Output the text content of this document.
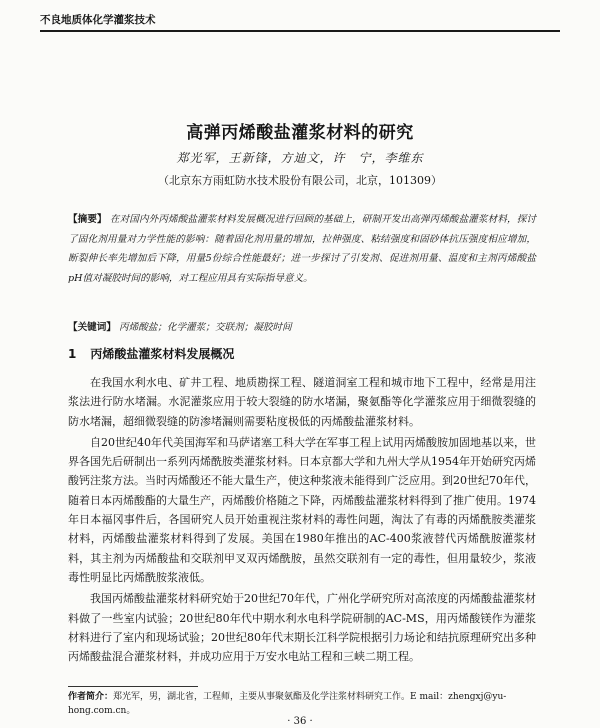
不良地质体化学灌浆技术
高弹丙烯酸盐灌浆材料的研究
郑光军，王新锋，方迪文，许　宁，李维东
（北京东方雨虹防水技术股份有限公司，北京，101309）
【摘要】 在对国内外丙烯酸盐灌浆材料发展概况进行回顾的基础上，研制开发出高弹丙烯酸盐灌浆材料，探讨了固化剂用量对力学性能的影响：随着固化剂用量的增加，拉伸强度、粘结强度和固砂体抗压强度相应增加，断裂伸长率先增加后下降，用量5份综合性能最好；进一步探讨了引发剂、促进剂用量、温度和主剂丙烯酸盐pH值对凝胶时间的影响，对工程应用具有实际指导意义。
【关键词】 丙烯酸盐；化学灌浆；交联剂；凝胶时间
1 丙烯酸盐灌浆材料发展概况

在我国水利水电、矿井工程、地质勘探工程、隧道洞室工程和城市地下工程中，经常是用注浆法进行防水堵漏。水泥灌浆应用于较大裂缝的防水堵漏，聚氨酯等化学灌浆应用于细微裂缝的防水堵漏，超细微裂缝的防渗堵漏则需要粘度极低的丙烯酸盐灌浆材料。

自20世纪40年代美国海军和马萨诸塞工科大学在军事工程上试用丙烯酸胺加固地基以来，世界各国先后研制出一系列丙烯酰胺类灌浆材料。日本京都大学和九州大学从1954年开始研究丙烯酸钙注浆方法。当时丙烯酸还不能大量生产，使这种浆液未能得到广泛应用。到20世纪70年代，随着日本丙烯酸酯的大量生产，丙烯酸价格随之下降，丙烯酸盐灌浆材料得到了推广使用。1974年日本福冈事件后，各国研究人员开始重视注浆材料的毒性问题，淘汰了有毒的丙烯酰胺类灌浆材料，丙烯酸盐灌浆材料得到了发展。美国在1980年推出的AC-400浆液替代丙烯酰胺灌浆材料，其主剂为丙烯酸盐和交联剂甲叉双丙烯酰胺，虽然交联剂有一定的毒性，但用量较少，浆液毒性明显比丙烯酰胺浆液低。

我国丙烯酸盐灌浆材料研究始于20世纪70年代，广州化学研究所对高浓度的丙烯酸盐灌浆材料做了一些室内试验；20世纪80年代中期水利水电科学院研制的AC-MS，用丙烯酸镁作为灌浆材料进行了室内和现场试验；20世纪80年代末期长江科学院根据引力场论和结抗原理研究出多种丙烯酸盐混合灌浆材料，并成功应用于万安水电站工程和三峡二期工程。

作者简介：郑光军，男，湖北省，工程师，主要从事聚氨酯及化学注浆材料研究工作。E mail：zhengxj@yu-hong.com.cn。
· 36 ·
